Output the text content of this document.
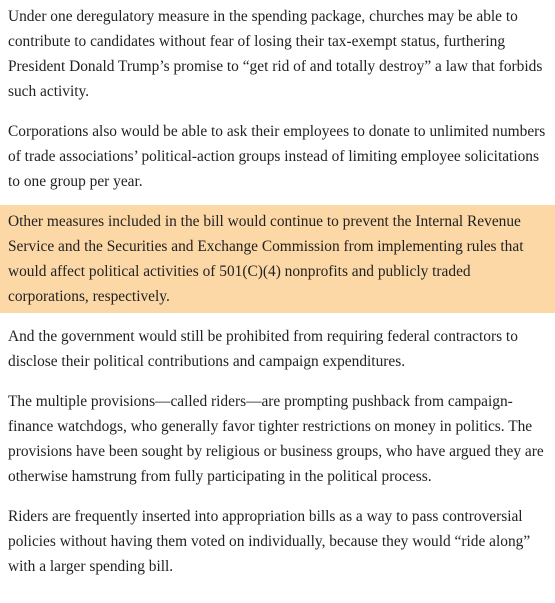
Under one deregulatory measure in the spending package, churches may be able to contribute to candidates without fear of losing their tax-exempt status, furthering President Donald Trump’s promise to “get rid of and totally destroy” a law that forbids such activity.

Corporations also would be able to ask their employees to donate to unlimited numbers of trade associations’ political-action groups instead of limiting employee solicitations to one group per year.

Other measures included in the bill would continue to prevent the Internal Revenue Service and the Securities and Exchange Commission from implementing rules that would affect political activities of 501(C)(4) nonprofits and publicly traded corporations, respectively.

And the government would still be prohibited from requiring federal contractors to disclose their political contributions and campaign expenditures.

The multiple provisions—called riders—are prompting pushback from campaign-finance watchdogs, who generally favor tighter restrictions on money in politics. The provisions have been sought by religious or business groups, who have argued they are otherwise hamstrung from fully participating in the political process.

Riders are frequently inserted into appropriation bills as a way to pass controversial policies without having them voted on individually, because they would “ride along” with a larger spending bill.
